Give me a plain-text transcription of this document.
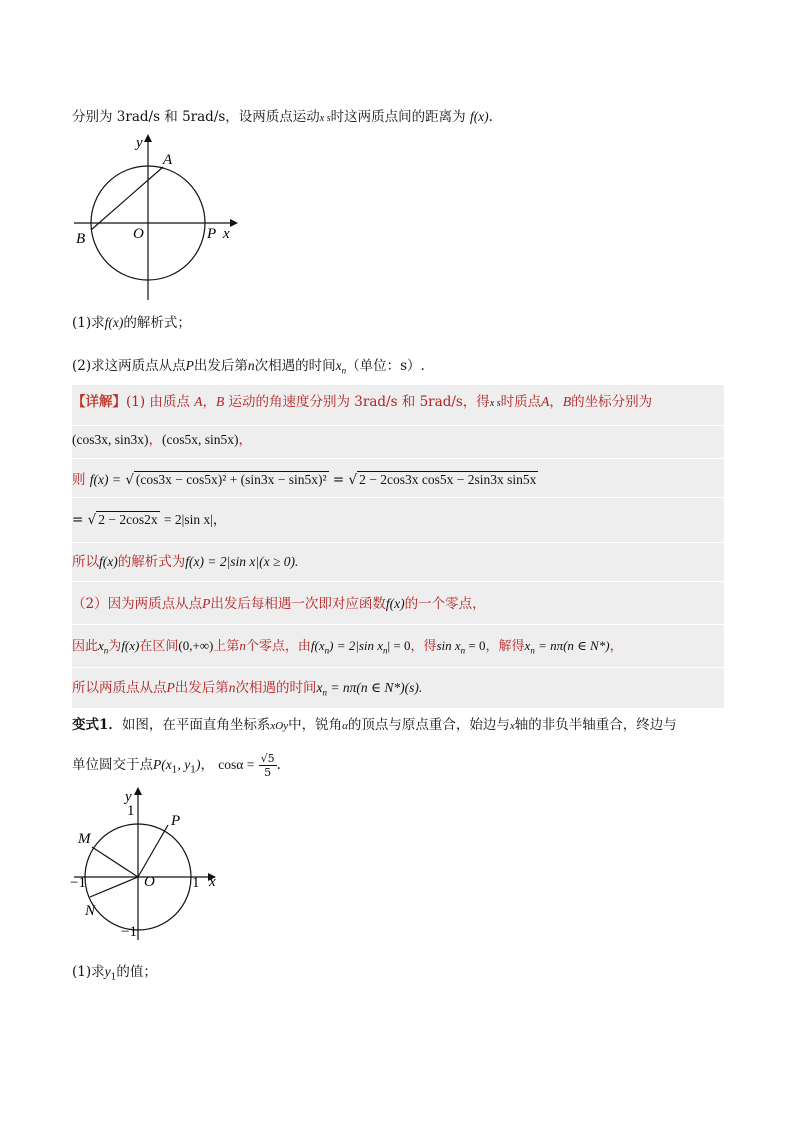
分别为 3rad/s 和 5rad/s，设两质点运动x s时这两质点间的距离为 f(x).
y
A
B	O	P x
(1)求f(x)的解析式；
(2)求这两质点从点P出发后第n次相遇的时间$x_n$（单位：s）.
【详解】(1) 由质点 A，B 运动的角速度分别为 3rad/s 和 5rad/s，得x s时质点A，B的坐标分别为
(cos3x, sin3x)，(cos5x, sin5x)，
则 f(x) = √ (cos3x − cos5x)² + (sin3x − sin5x)² = √ 2 − 2cos3x cos5x − 2sin3x sin5x
= √ 2 − 2cos2x = 2|sin x|，
所以f(x)的解析式为f(x) = 2|sin x|(x ≥ 0).
（2）因为两质点从点P出发后每相遇一次即对应函数f(x)的一个零点，
因此$x_n$为f(x)在区间(0,+∞)上第n个零点，由$f(x_n) = 2|\sin$ $x_n| = 0$，得$\sin x_n = 0$，解得$x_n = n\pi(n$ ∈ N*)，
所以两质点从点P出发后第n次相遇的时间$x_n = n\pi(n$ ∈ N*)(s).
变式1．如图，在平面直角坐标系xOy中，锐角α的顶点与原点重合，始边与x轴的非负半轴重合，终边与
单位圆交于点$P(x_1$, $y_1$)， $\cos\alpha = \frac{√5}{5}$ .
y
1
P
M
−1	O 1 x
N
−1
(1)求$y_1$的值；
